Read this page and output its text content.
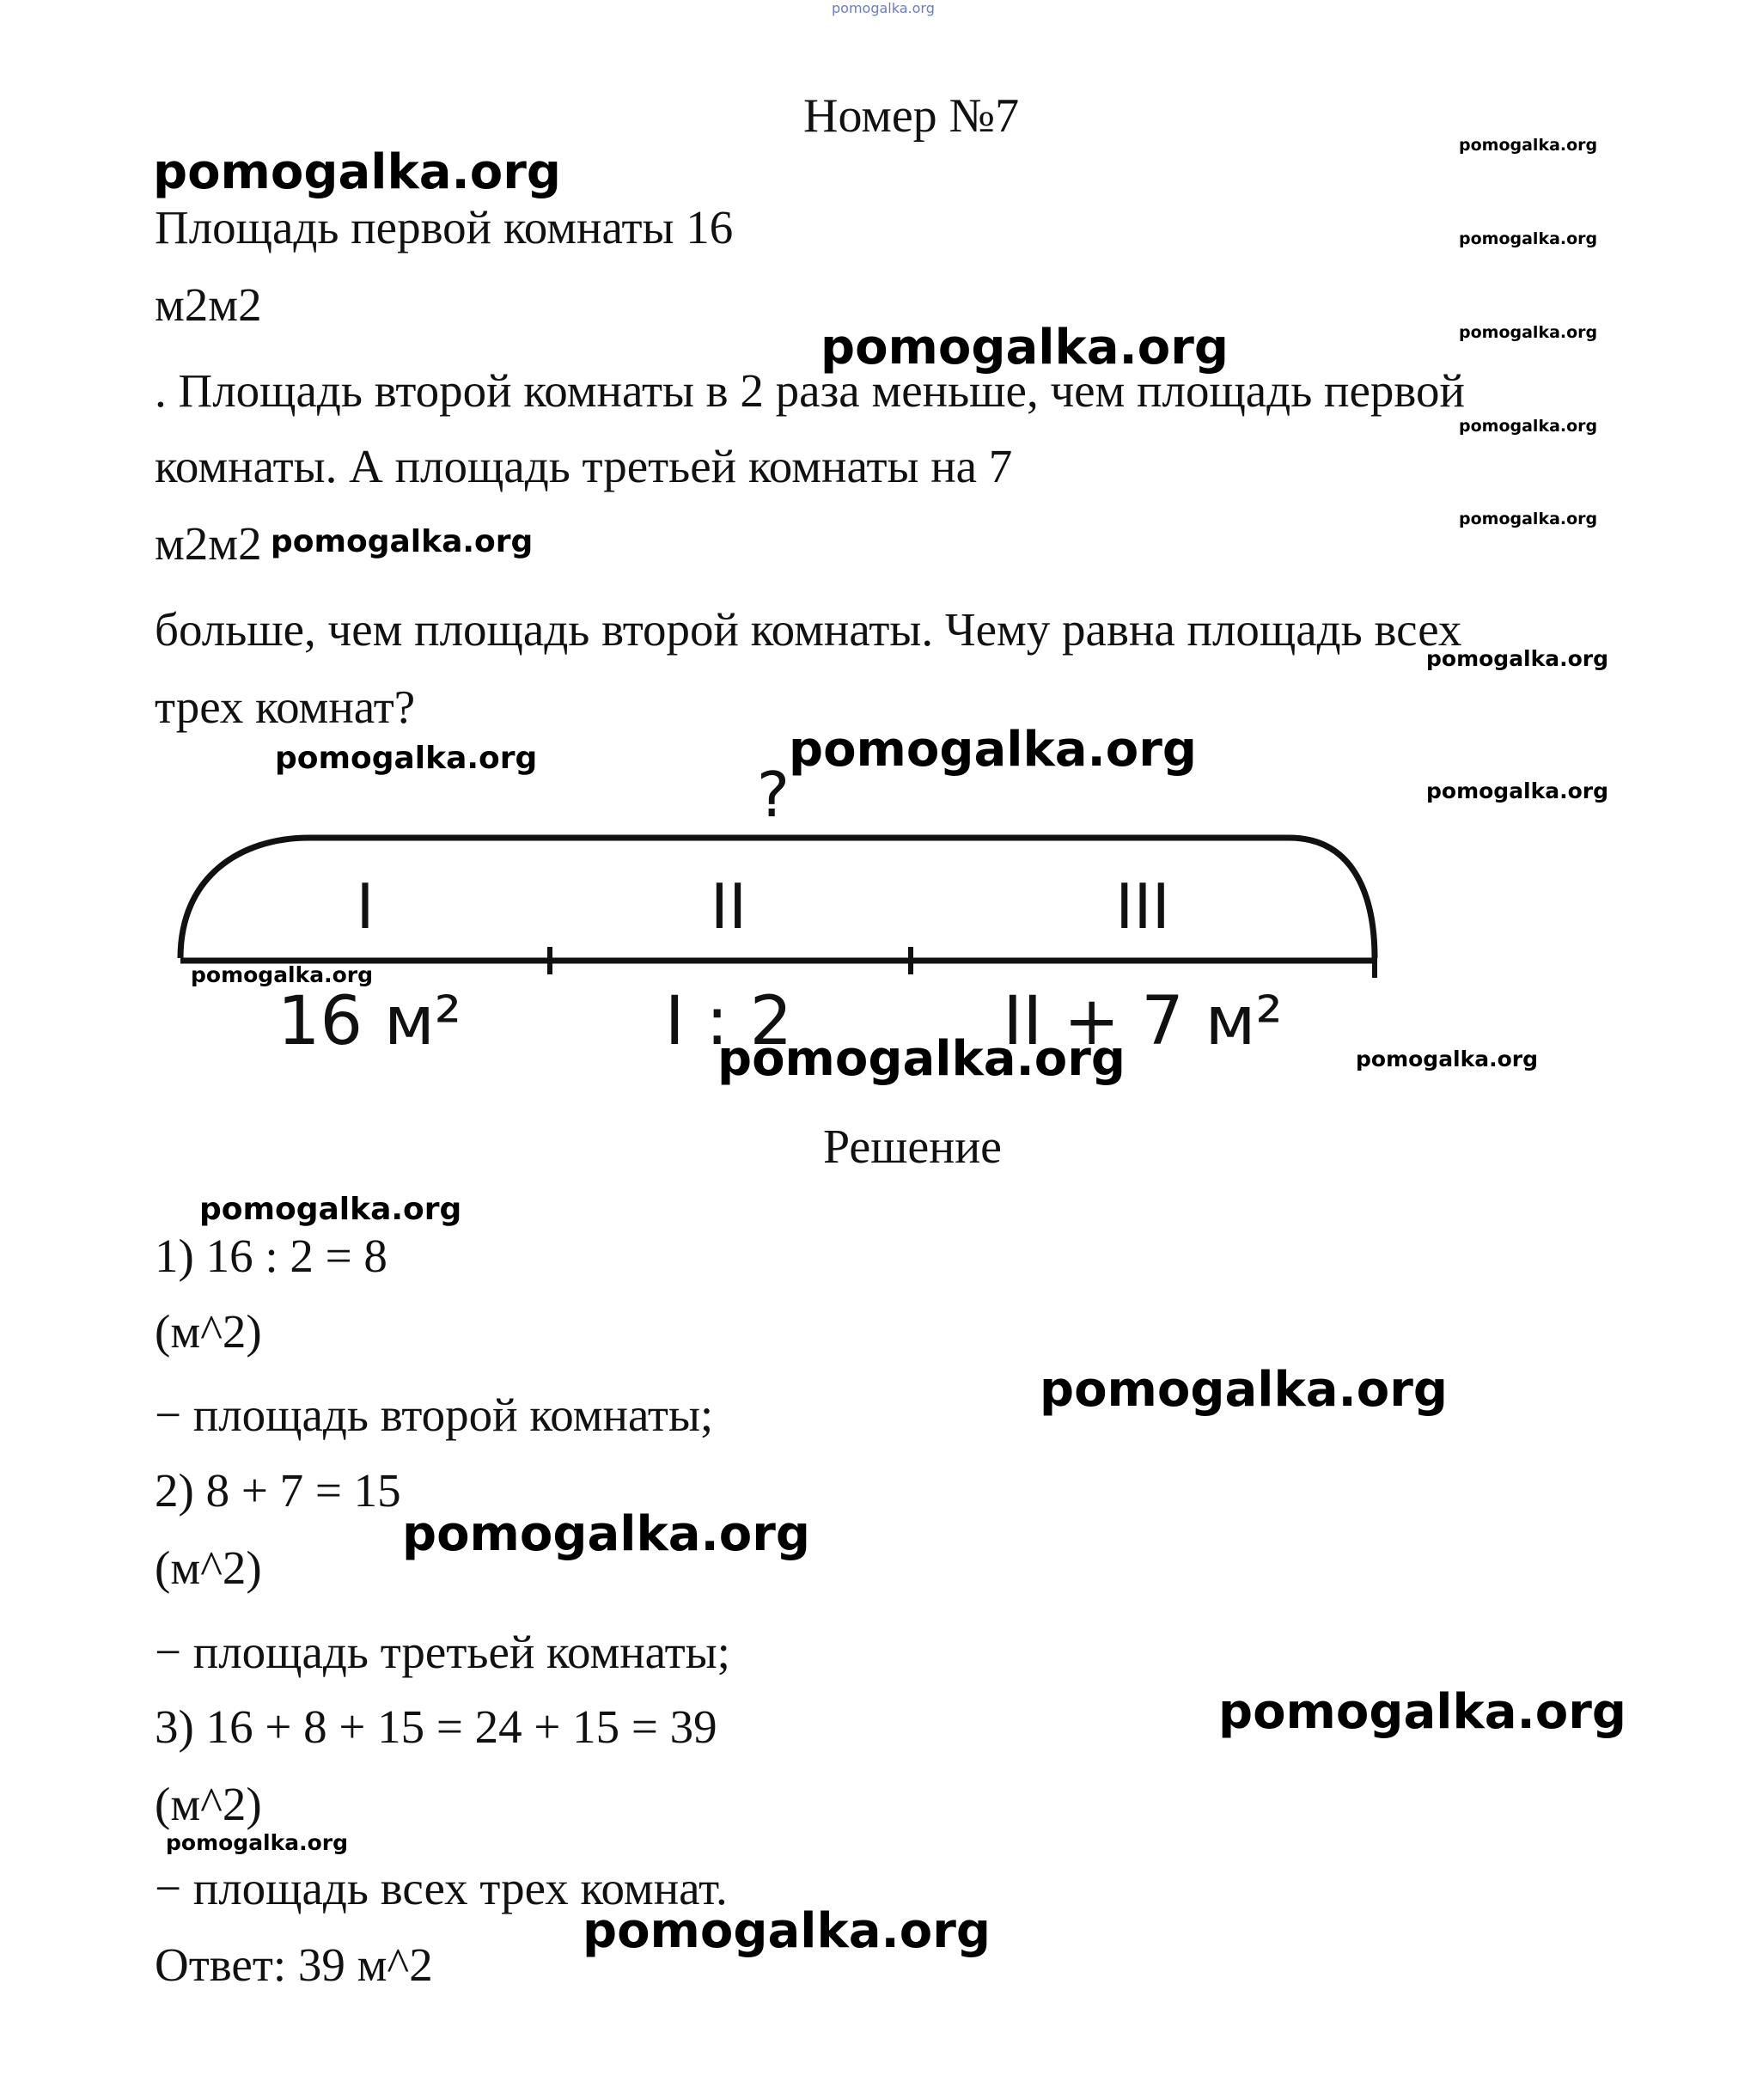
pomogalka.org
Номер №7
Площадь первой комнаты 16
м2м2
. Площадь второй комнаты в 2 раза меньше, чем площадь первой
комнаты. А площадь третьей комнаты на 7
м2м2
больше, чем площадь второй комнаты. Чему равна площадь всех
трех комнат?
?
I	II	III
16 м²	I : 2	II + 7 м²
Решение
1) 16 : 2 = 8
(м^2)
− площадь второй комнаты;
2) 8 + 7 = 15
(м^2)
− площадь третьей комнаты;
3) 16 + 8 + 15 = 24 + 15 = 39
(м^2)
− площадь всех трех комнат.
Ответ: 39 м^2
pomogalka.org	pomogalka.org
pomogalka.org
pomogalka.org	pomogalka.org
pomogalka.org
pomogalka.org
pomogalka.org
pomogalka.org
pomogalka.org	pomogalka.org
pomogalka.org
pomogalka.org
pomogalka.org	pomogalka.org
pomogalka.org
pomogalka.org
pomogalka.org
pomogalka.org
pomogalka.org
pomogalka.org
